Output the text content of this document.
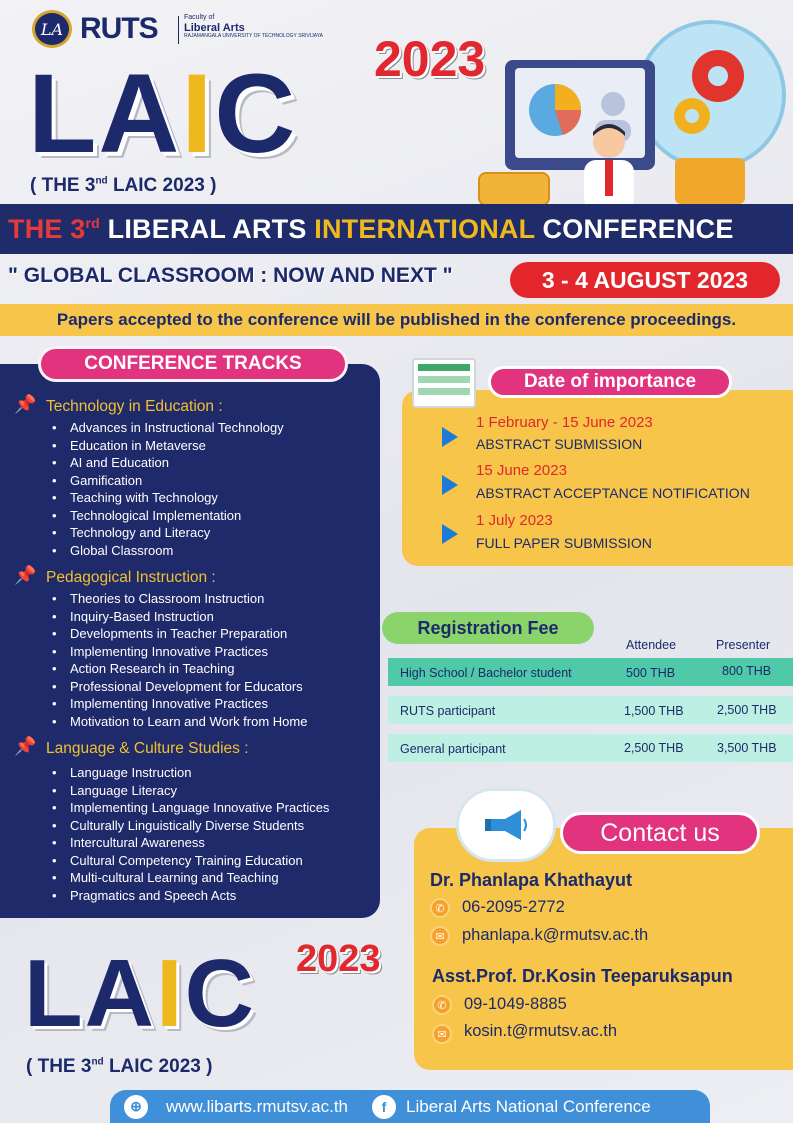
LA RUTS	Faculty of
Liberal Arts
RAJAMANGALA UNIVERSITY OF TECHNOLOGY SRIVIJAYA
LAIC 2023
( THE 3nd LAIC 2023 )
THE 3rd LIBERAL ARTS INTERNATIONAL CONFERENCE
" GLOBAL CLASSROOM : NOW AND NEXT "	3 - 4 AUGUST 2023
Papers accepted to the conference will be published in the conference proceedings.
CONFERENCE TRACKS
📌 Technology in Education :
• Advances in Instructional Technology
• Education in Metaverse
• AI and Education
• Gamification
• Teaching with Technology
• Technological Implementation
• Technology and Literacy
• Global Classroom
📌 Pedagogical Instruction :
• Theories to Classroom Instruction
• Inquiry-Based Instruction
• Developments in Teacher Preparation
• Implementing Innovative Practices
• Action Research in Teaching
• Professional Development for Educators
• Implementing Innovative Practices
• Motivation to Learn and Work from Home
📌 Language & Culture Studies :
• Language Instruction
• Language Literacy
• Implementing Language Innovative Practices
• Culturally Linguistically Diverse Students
• Intercultural Awareness
• Cultural Competency Training Education
• Multi-cultural Learning and Teaching
• Pragmatics and Speech Acts
Date of importance
1 February - 15 June 2023
ABSTRACT SUBMISSION
15 June 2023
ABSTRACT ACCEPTANCE NOTIFICATION
1 July 2023
FULL PAPER SUBMISSION
Registration Fee
Attendee	Presenter
High School / Bachelor student	500 THB	800 THB
RUTS participant	1,500 THB	2,500 THB
General participant	2,500 THB	3,500 THB
Contact us
Dr. Phanlapa Khathayut
✆	06-2095-2772
✉	phanlapa.k@rmutsv.ac.th
Asst.Prof. Dr.Kosin Teeparuksapun
✆	09-1049-8885
✉	kosin.t@rmutsv.ac.th
LAIC 2023
( THE 3nd LAIC 2023 )
⊕	www.libarts.rmutsv.ac.th	f	Liberal Arts National Conference
